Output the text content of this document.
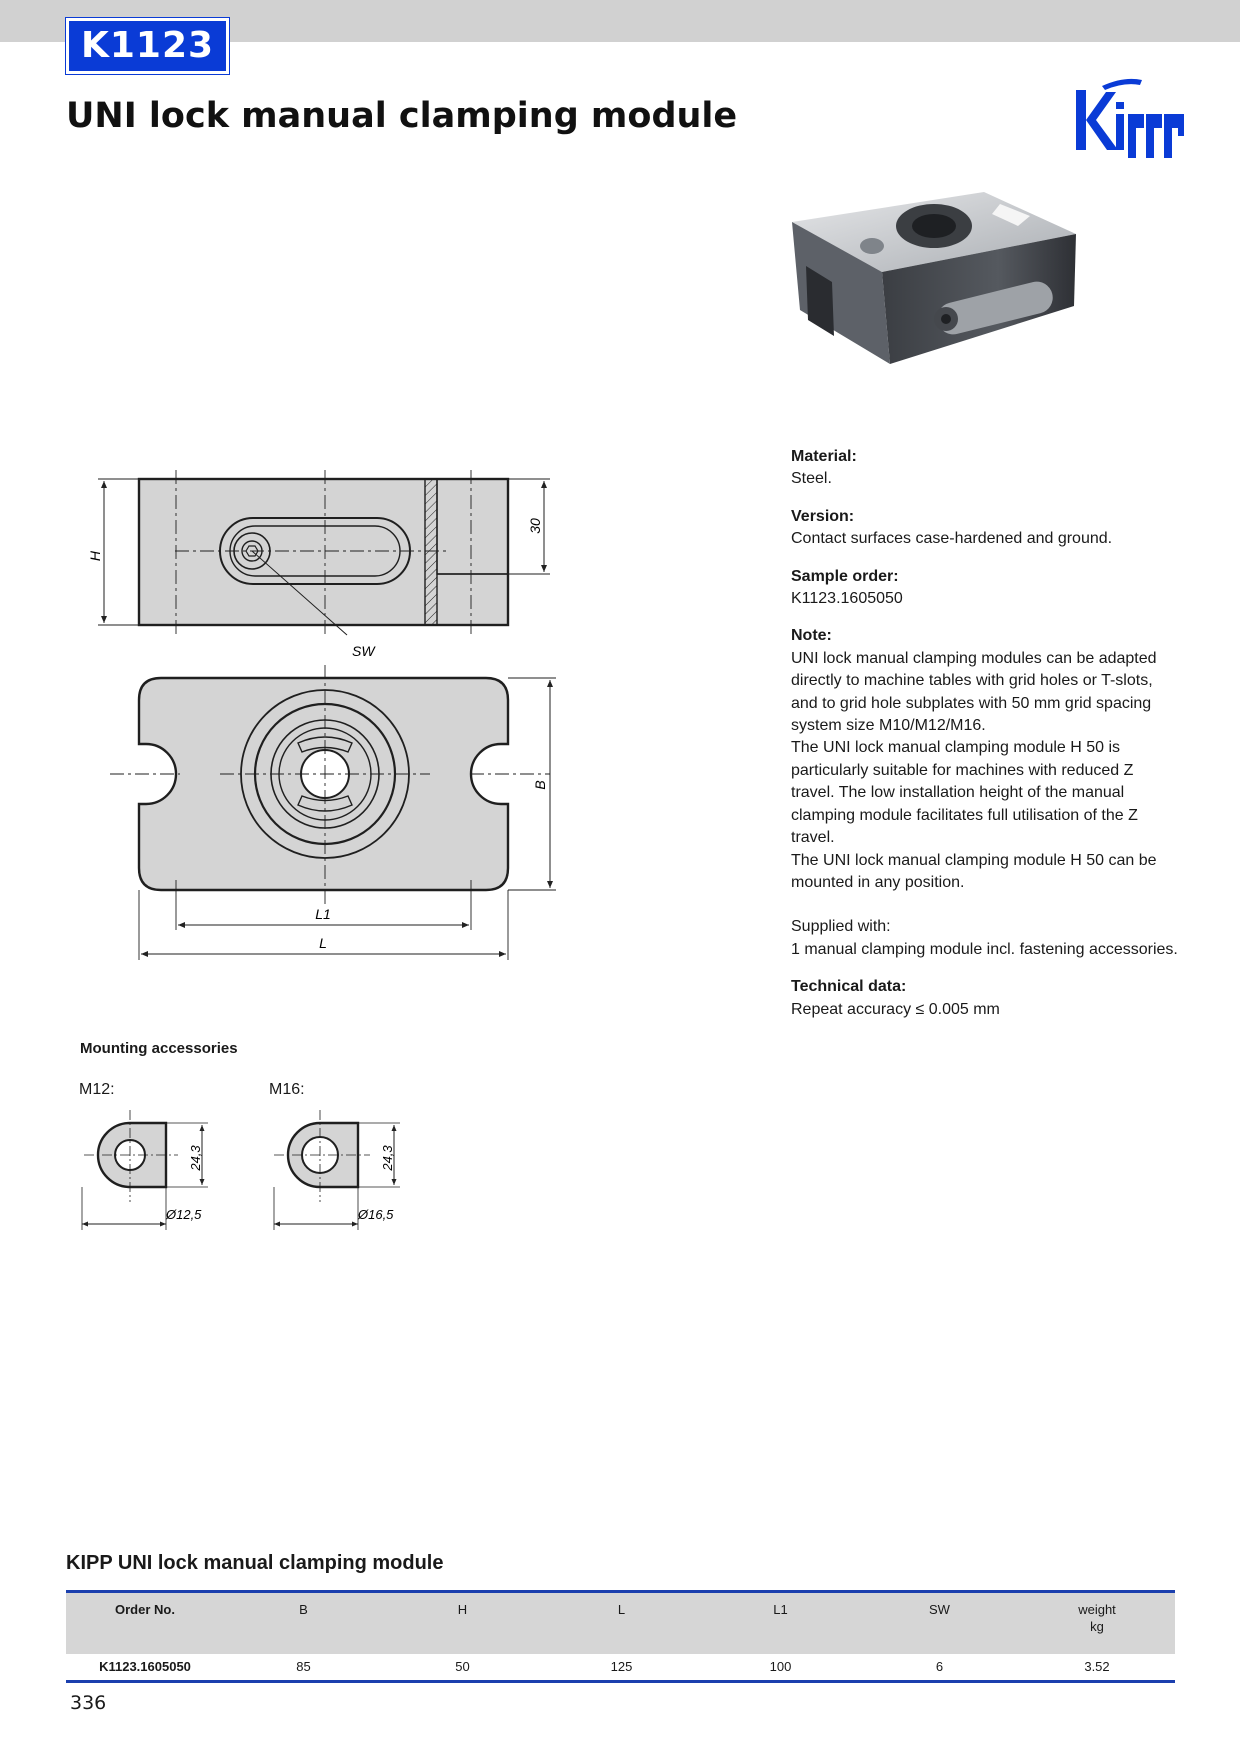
K1123
UNI lock manual clamping module
H
30
SW
B
L1
L
Material:
Steel.
Version:
Contact surfaces case-hardened and ground.
Sample order:
K1123.1605050
Note:
UNI lock manual clamping modules can be adapted
directly to machine tables with grid holes or T-slots,
and to grid hole subplates with 50 mm grid spacing
system size M10/M12/M16.
The UNI lock manual clamping module H 50 is
particularly suitable for machines with reduced Z
travel. The low installation height of the manual
clamping module facilitates full utilisation of the Z
travel.
The UNI lock manual clamping module H 50 can be
mounted in any position.
Supplied with:
1 manual clamping module incl. fastening accessories.
Technical data:
Repeat accuracy ≤ 0.005 mm
Mounting accessories
M12:	M16:
24,3
Ø12,5
24,3
Ø16,5
KIPP UNI lock manual clamping module
Order No.	B	H	L	L1	SW	weight
kg

K1123.1605050	85	50	125	100	6	3.52
336
